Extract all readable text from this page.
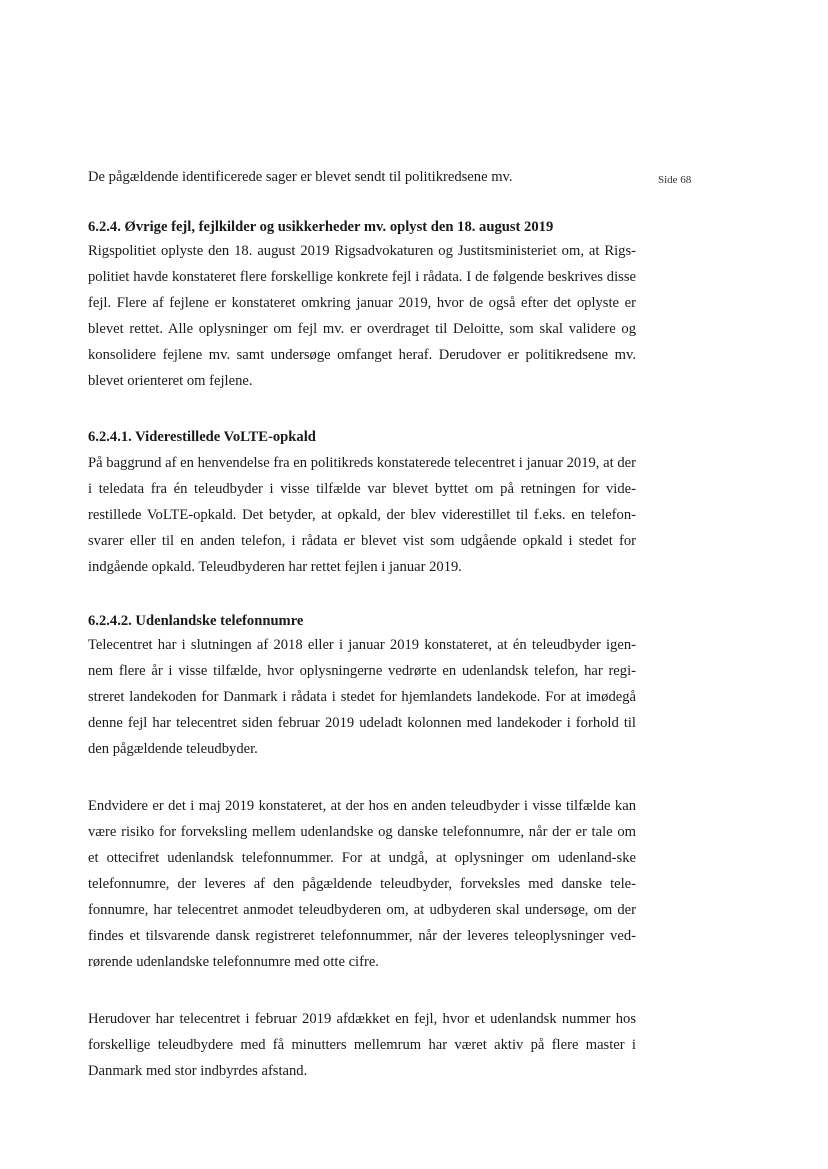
Side 68

De pågældende identificerede sager er blevet sendt til politikredsene mv.

6.2.4. Øvrige fejl, fejlkilder og usikkerheder mv. oplyst den 18. august 2019

Rigspolitiet oplyste den 18. august 2019 Rigsadvokaturen og Justitsministeriet om, at Rigs-politiet havde konstateret flere forskellige konkrete fejl i rådata. I de følgende beskrives disse fejl. Flere af fejlene er konstateret omkring januar 2019, hvor de også efter det oplyste er blevet rettet. Alle oplysninger om fejl mv. er overdraget til Deloitte, som skal validere og konsolidere fejlene mv. samt undersøge omfanget heraf. Derudover er politikredsene mv. blevet orienteret om fejlene.

6.2.4.1. Viderestillede VoLTE-opkald

På baggrund af en henvendelse fra en politikreds konstaterede telecentret i januar 2019, at der i teledata fra én teleudbyder i visse tilfælde var blevet byttet om på retningen for vide-restillede VoLTE-opkald. Det betyder, at opkald, der blev viderestillet til f.eks. en telefon-svarer eller til en anden telefon, i rådata er blevet vist som udgående opkald i stedet for indgående opkald. Teleudbyderen har rettet fejlen i januar 2019.

6.2.4.2. Udenlandske telefonnumre

Telecentret har i slutningen af 2018 eller i januar 2019 konstateret, at én teleudbyder igen-nem flere år i visse tilfælde, hvor oplysningerne vedrørte en udenlandsk telefon, har regi-streret landekoden for Danmark i rådata i stedet for hjemlandets landekode. For at imødegå denne fejl har telecentret siden februar 2019 udeladt kolonnen med landekoder i forhold til den pågældende teleudbyder.

Endvidere er det i maj 2019 konstateret, at der hos en anden teleudbyder i visse tilfælde kan være risiko for forveksling mellem udenlandske og danske telefonnumre, når der er tale om et ottecifret udenlandsk telefonnummer. For at undgå, at oplysninger om udenland-ske telefonnumre, der leveres af den pågældende teleudbyder, forveksles med danske tele-fonnumre, har telecentret anmodet teleudbyderen om, at udbyderen skal undersøge, om der findes et tilsvarende dansk registreret telefonnummer, når der leveres teleoplysninger ved-rørende udenlandske telefonnumre med otte cifre.

Herudover har telecentret i februar 2019 afdækket en fejl, hvor et udenlandsk nummer hos forskellige teleudbydere med få minutters mellemrum har været aktiv på flere master i Danmark med stor indbyrdes afstand.
